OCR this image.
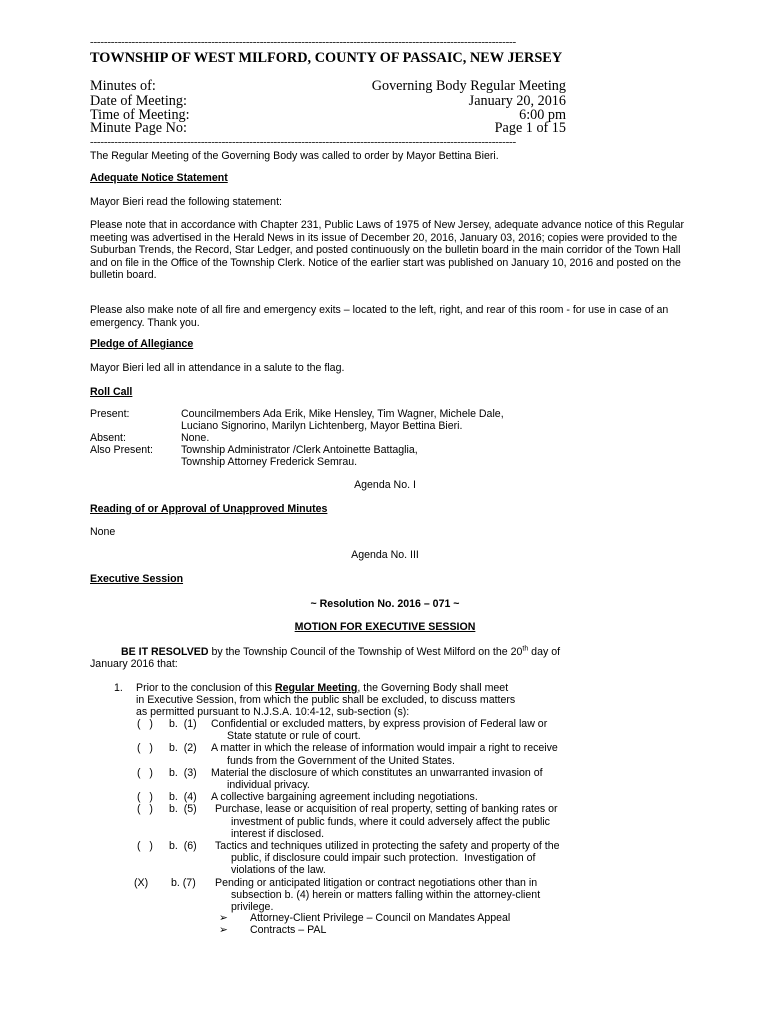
---------------------------------------------------------------------------------------------------------------------------
TOWNSHIP OF WEST MILFORD, COUNTY OF PASSAIC, NEW JERSEY
Minutes of:	Governing Body Regular Meeting
Date of Meeting:	January 20, 2016
Time of Meeting:	6:00 pm
Minute Page No:	Page 1 of 15
---------------------------------------------------------------------------------------------------------------------------
The Regular Meeting of the Governing Body was called to order by Mayor Bettina Bieri.
Adequate Notice Statement
Mayor Bieri read the following statement:
Please note that in accordance with Chapter 231, Public Laws of 1975 of New Jersey, adequate advance notice of this Regular meeting was advertised in the Herald News in its issue of December 20, 2016, January 03, 2016; copies were provided to the Suburban Trends, the Record, Star Ledger, and posted continuously on the bulletin board in the main corridor of the Town Hall and on file in the Office of the Township Clerk. Notice of the earlier start was published on January 10, 2016 and posted on the bulletin board.
Please also make note of all fire and emergency exits – located to the left, right, and rear of this room - for use in case of an emergency. Thank you.
Pledge of Allegiance
Mayor Bieri led all in attendance in a salute to the flag.
Roll Call
Present:	Councilmembers Ada Erik, Mike Hensley, Tim Wagner, Michele Dale,
Luciano Signorino, Marilyn Lichtenberg, Mayor Bettina Bieri.
Absent:	None.
Also Present:	Township Administrator /Clerk Antoinette Battaglia,
Township Attorney Frederick Semrau.
Agenda No. I
Reading of or Approval of Unapproved Minutes
None
Agenda No. III
Executive Session
~ Resolution No. 2016 – 071 ~
MOTION FOR EXECUTIVE SESSION
BE IT RESOLVED by the Township Council of the Township of West Milford on the 20th day of
January 2016 that:
1. Prior to the conclusion of this Regular Meeting, the Governing Body shall meet
in Executive Session, from which the public shall be excluded, to discuss matters
as permitted pursuant to N.J.S.A. 10:4-12, sub-section (s):
(   ) b.  (1) Confidential or excluded matters, by express provision of Federal law or
State statute or rule of court.
(   ) b.  (2) A matter in which the release of information would impair a right to receive
funds from the Government of the United States.
(   ) b.  (3) Material the disclosure of which constitutes an unwarranted invasion of
individual privacy.
(   ) b.  (4) A collective bargaining agreement including negotiations.
(   ) b.  (5) Purchase, lease or acquisition of real property, setting of banking rates or
investment of public funds, where it could adversely affect the public
interest if disclosed.
(   ) b.  (6) Tactics and techniques utilized in protecting the safety and property of the
public, if disclosure could impair such protection.  Investigation of
violations of the law.
(X) b. (7) Pending or anticipated litigation or contract negotiations other than in
subsection b. (4) herein or matters falling within the attorney-client
privilege.
➢ Attorney-Client Privilege – Council on Mandates Appeal
➢ Contracts – PAL
